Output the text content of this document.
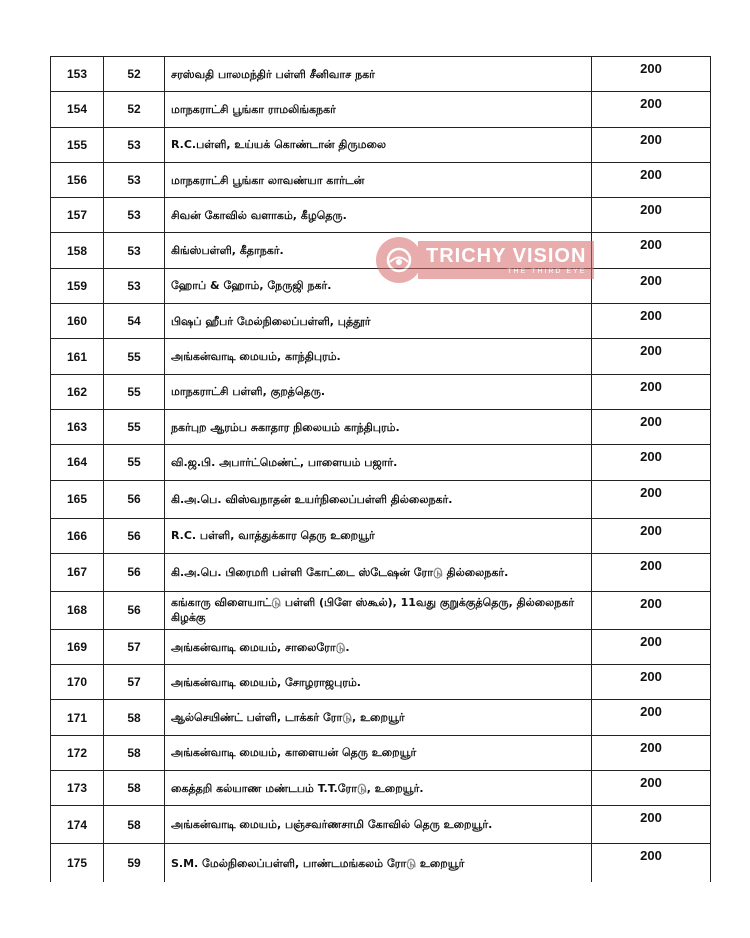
153	52	சரஸ்வதி பாலமந்திர் பள்ளி சீனிவாச நகர்	200
154	52	மாநகராட்சி பூங்கா ராமலிங்கநகர்	200
155	53	R.C.பள்ளி, உய்யக் கொண்டான் திருமலை	200
156	53	மாநகராட்சி பூங்கா லாவண்யா கார்டன்	200
157	53	சிவன் கோவில் வளாகம், கீழதெரு.	200
158	53	கிங்ஸ்பள்ளி, கீதாநகர்.	200
159	53	ஹோப் & ஹோம், நேருஜி நகர்.	200
160	54	பிஷப் ஹீபர் மேல்நிலைப்பள்ளி, புத்தூர்	200
161	55	அங்கன்வாடி மையம், காந்திபுரம்.	200
162	55	மாநகராட்சி பள்ளி, குறத்தெரு.	200
163	55	நகர்புற ஆரம்ப சுகாதார நிலையம் காந்திபுரம்.	200
164	55	வி.ஜ.பி. அபார்ட்மெண்ட், பாளையம் பஜார்.	200
165	56	கி.அ.பெ. விஸ்வநாதன் உயர்நிலைப்பள்ளி தில்லைநகர்.	200
166	56	R.C. பள்ளி, வாத்துக்கார தெரு உறையூர்	200
167	56	கி.அ.பெ. பிரைமரி பள்ளி கோட்டை ஸ்டேஷன் ரோடு தில்லைநகர்.	200
168	56	கங்காரு விளையாட்டு பள்ளி (பிளே ஸ்கூல்), 11வது குறுக்குத்தெரு, தில்லைநகர் கிழக்கு	200
169	57	அங்கன்வாடி மையம், சாலைரோடு.	200
170	57	அங்கன்வாடி மையம், சோழராஜபுரம்.	200
171	58	ஆல்செயிண்ட் பள்ளி, டாக்கர் ரோடு, உறையூர்	200
172	58	அங்கன்வாடி மையம், காளையன் தெரு உறையூர்	200
173	58	கைத்தறி கல்யாண மண்டபம் T.T.ரோடு, உறையூர்.	200
174	58	அங்கன்வாடி மையம், பஞ்சவர்ணசாமி கோவில் தெரு உறையூர்.	200
175	59	S.M. மேல்நிலைப்பள்ளி, பாண்டமங்கலம் ரோடு உறையூர்	200
TRICHY VISION
THE THIRD EYE
